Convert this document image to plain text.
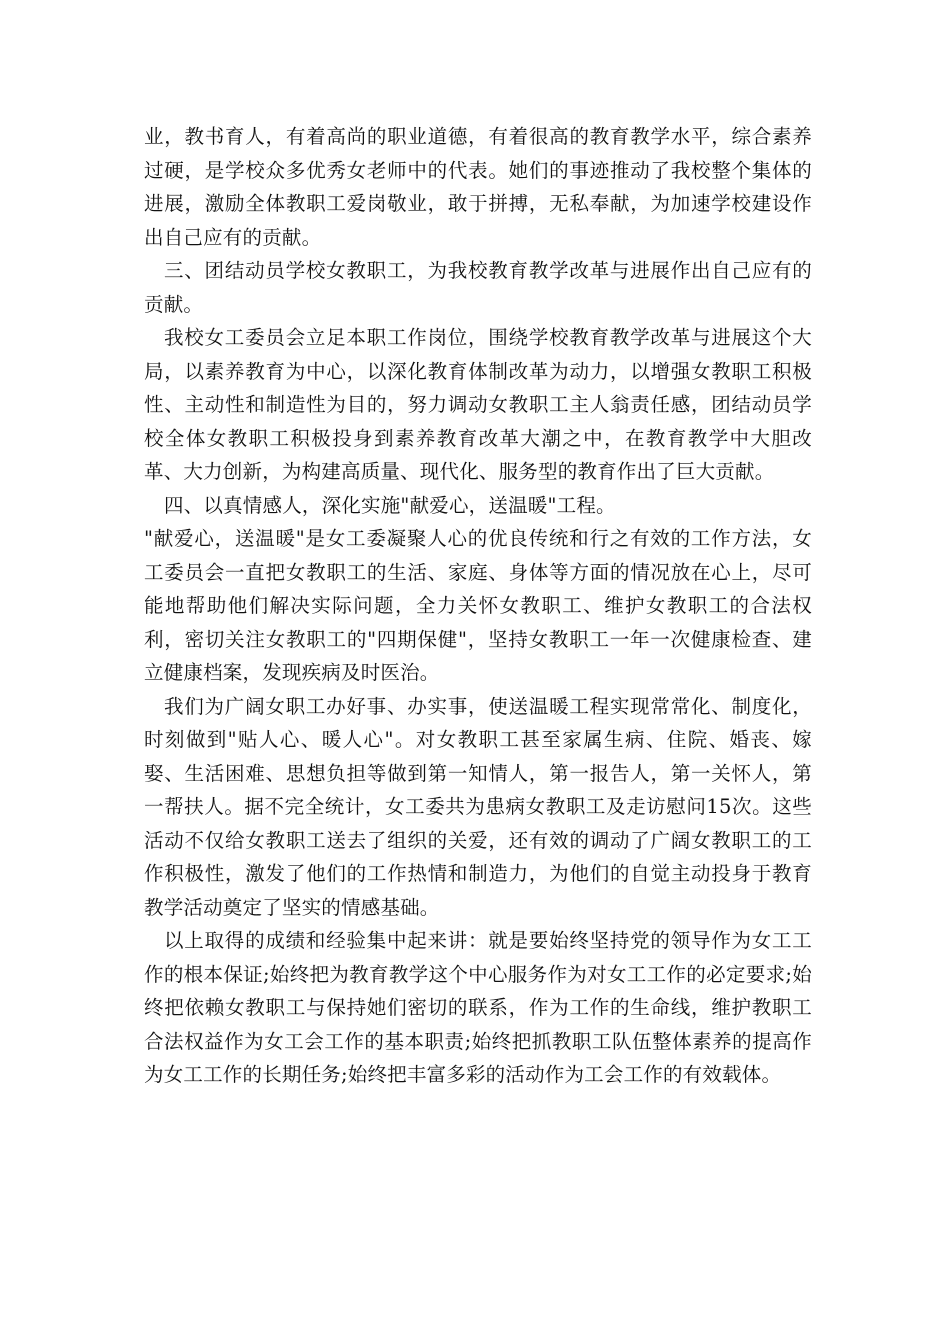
业，教书育人，有着高尚的职业道德，有着很高的教育教学水平，综合素养过硬，是学校众多优秀女老师中的代表。她们的事迹推动了我校整个集体的进展，激励全体教职工爱岗敬业，敢于拼搏，无私奉献，为加速学校建设作出自己应有的贡献。

三、团结动员学校女教职工，为我校教育教学改革与进展作出自己应有的贡献。

我校女工委员会立足本职工作岗位，围绕学校教育教学改革与进展这个大局，以素养教育为中心，以深化教育体制改革为动力，以增强女教职工积极性、主动性和制造性为目的，努力调动女教职工主人翁责任感，团结动员学校全体女教职工积极投身到素养教育改革大潮之中，在教育教学中大胆改革、大力创新，为构建高质量、现代化、服务型的教育作出了巨大贡献。

四、以真情感人，深化实施"献爱心，送温暖"工程。

"献爱心，送温暖"是女工委凝聚人心的优良传统和行之有效的工作方法，女工委员会一直把女教职工的生活、家庭、身体等方面的情况放在心上，尽可能地帮助他们解决实际问题，全力关怀女教职工、维护女教职工的合法权利，密切关注女教职工的"四期保健"，坚持女教职工一年一次健康检查、建立健康档案，发现疾病及时医治。

我们为广阔女职工办好事、办实事，使送温暖工程实现常常化、制度化，时刻做到"贴人心、暖人心"。对女教职工甚至家属生病、住院、婚丧、嫁娶、生活困难、思想负担等做到第一知情人，第一报告人，第一关怀人，第一帮扶人。据不完全统计，女工委共为患病女教职工及走访慰问15次。这些活动不仅给女教职工送去了组织的关爱，还有效的调动了广阔女教职工的工作积极性，激发了他们的工作热情和制造力，为他们的自觉主动投身于教育教学活动奠定了坚实的情感基础。

以上取得的成绩和经验集中起来讲：就是要始终坚持党的领导作为女工工作的根本保证;始终把为教育教学这个中心服务作为对女工工作的必定要求;始终把依赖女教职工与保持她们密切的联系，作为工作的生命线，维护教职工合法权益作为女工会工作的基本职责;始终把抓教职工队伍整体素养的提高作为女工工作的长期任务;始终把丰富多彩的活动作为工会工作的有效载体。
